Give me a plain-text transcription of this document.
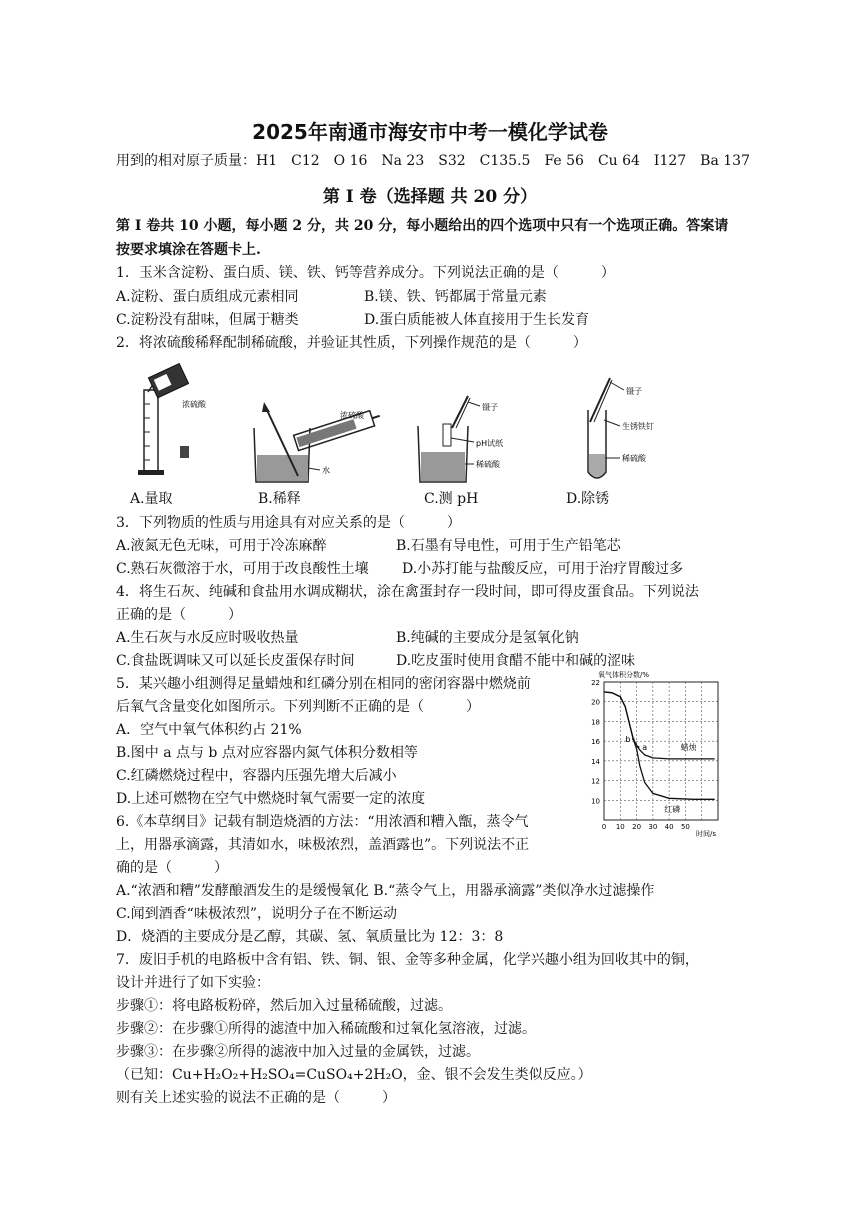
2025年南通市海安市中考一模化学试卷
用到的相对原子质量：H1　C12　O 16　Na 23　S32　C135.5　Fe 56　Cu 64　I127　Ba 137
第 I 卷（选择题 共 20 分）
第 I 卷共 10 小题，每小题 2 分，共 20 分，每小题给出的四个选项中只有一个选项正确。答案请
按要求填涂在答题卡上.
1．玉米含淀粉、蛋白质、镁、铁、钙等营养成分。下列说法正确的是（　　　）
A.淀粉、蛋白质组成元素相同	B.镁、铁、钙都属于常量元素
C.淀粉没有甜味，但属于糖类	D.蛋白质能被人体直接用于生长发育
2．将浓硫酸稀释配制稀硫酸，并验证其性质，下列操作规范的是（　　　）
浓硫酸
浓硫酸
水
镊子
pH试纸
稀硫酸
镊子
生锈铁钉
稀硫酸
A.量取	B.稀释	C.测 pH	D.除锈
3．下列物质的性质与用途具有对应关系的是（　　　）
A.液氮无色无味，可用于冷冻麻醉	B.石墨有导电性，可用于生产铅笔芯
C.熟石灰微溶于水，可用于改良酸性土壤 D.小苏打能与盐酸反应，可用于治疗胃酸过多
4．将生石灰、纯碱和食盐用水调成糊状，涂在禽蛋封存一段时间，即可得皮蛋食品。下列说法
正确的是（　　　）
A.生石灰与水反应时吸收热量	B.纯碱的主要成分是氢氧化钠
C.食盐既调味又可以延长皮蛋保存时间	D.吃皮蛋时使用食醋不能中和碱的涩味
5．某兴趣小组测得足量蜡烛和红磷分别在相同的密闭容器中燃烧前
后氧气含量变化如图所示。下列判断不正确的是（　　　）
A．空气中氧气体积约占 21%
B.图中 a 点与 b 点对应容器内氮气体积分数相等
C.红磷燃烧过程中，容器内压强先增大后减小
D.上述可燃物在空气中燃烧时氧气需要一定的浓度
氧气体积分数/%
时间/s
10
12
14
16
18
20
22
0 10 20 30 40 50
b
a	蜡烛
红磷
6.《本草纲目》记载有制造烧酒的方法：“用浓酒和糟入甑，蒸令气
上，用器承滴露，其清如水，味极浓烈，盖酒露也”。下列说法不正
确的是（　　　）
A.“浓酒和糟”发酵酿酒发生的是缓慢氧化 B.“蒸令气上，用器承滴露”类似净水过滤操作
C.闻到酒香“味极浓烈”，说明分子在不断运动
D．烧酒的主要成分是乙醇，其碳、氢、氧质量比为 12：3：8
7．废旧手机的电路板中含有铝、铁、铜、银、金等多种金属，化学兴趣小组为回收其中的铜，
设计并进行了如下实验：
步骤①：将电路板粉碎，然后加入过量稀硫酸，过滤。
步骤②：在步骤①所得的滤渣中加入稀硫酸和过氧化氢溶液，过滤。
步骤③：在步骤②所得的滤液中加入过量的金属铁，过滤。
（已知：Cu+H₂O₂+H₂SO₄=CuSO₄+2H₂O，金、银不会发生类似反应。）
则有关上述实验的说法不正确的是（　　　）
